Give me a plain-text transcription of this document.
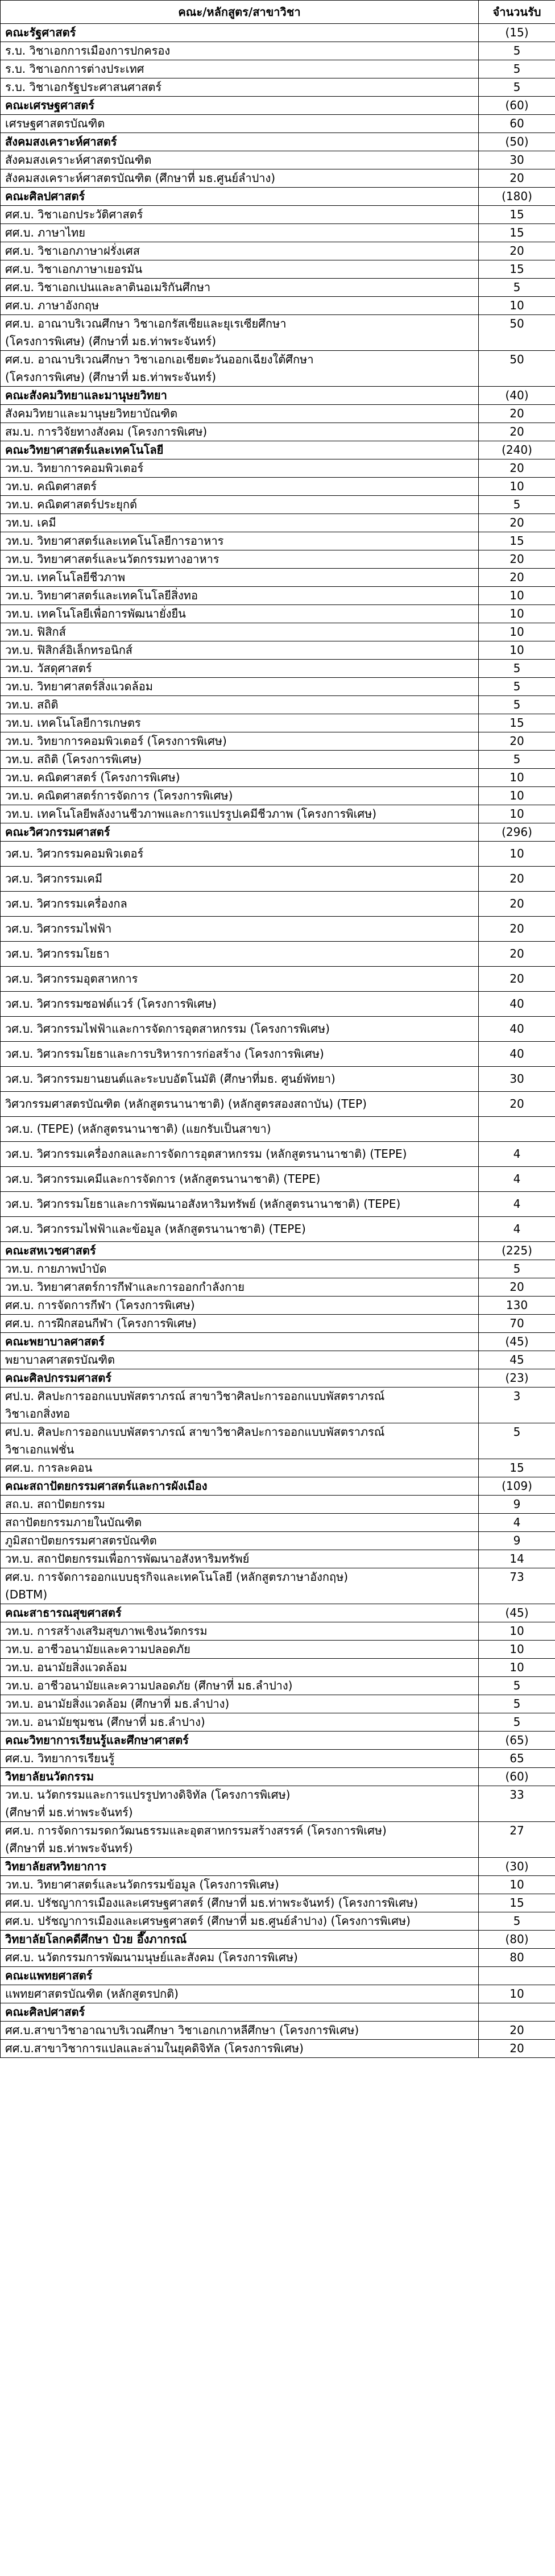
คณะ/หลักสูตร/สาขาวิชา	จำนวนรับ
คณะรัฐศาสตร์	(15)
ร.บ. วิชาเอกการเมืองการปกครอง	5
ร.บ. วิชาเอกการต่างประเทศ	5
ร.บ. วิชาเอกรัฐประศาสนศาสตร์	5
คณะเศรษฐศาสตร์	(60)
เศรษฐศาสตรบัณฑิต	60
สังคมสงเคราะห์ศาสตร์	(50)
สังคมสงเคราะห์ศาสตรบัณฑิต	30
สังคมสงเคราะห์ศาสตรบัณฑิต (ศึกษาที่ มธ.ศูนย์ลำปาง)	20
คณะศิลปศาสตร์	(180)
ศศ.บ. วิชาเอกประวัติศาสตร์	15
ศศ.บ. ภาษาไทย	15
ศศ.บ. วิชาเอกภาษาฝรั่งเศส	20
ศศ.บ. วิชาเอกภาษาเยอรมัน	15
ศศ.บ. วิชาเอกเปนและลาตินอเมริกันศึกษา	5
ศศ.บ. ภาษาอังกฤษ	10
ศศ.บ. อาณาบริเวณศึกษา วิชาเอกรัสเซียและยุเรเซียศึกษา
(โครงการพิเศษ) (ศึกษาที่ มธ.ท่าพระจันทร์)	50
ศศ.บ. อาณาบริเวณศึกษา วิชาเอกเอเชียตะวันออกเฉียงใต้ศึกษา
(โครงการพิเศษ) (ศึกษาที่ มธ.ท่าพระจันทร์)	50
คณะสังคมวิทยาและมานุษยวิทยา	(40)
สังคมวิทยาและมานุษยวิทยาบัณฑิต	20
สม.บ. การวิจัยทางสังคม (โครงการพิเศษ)	20
คณะวิทยาศาสตร์และเทคโนโลยี	(240)
วท.บ. วิทยาการคอมพิวเตอร์	20
วท.บ. คณิตศาสตร์	10
วท.บ. คณิตศาสตร์ประยุกต์	5
วท.บ. เคมี	20
วท.บ. วิทยาศาสตร์และเทคโนโลยีการอาหาร	15
วท.บ. วิทยาศาสตร์และนวัตกรรมทางอาหาร	20
วท.บ. เทคโนโลยีชีวภาพ	20
วท.บ. วิทยาศาสตร์และเทคโนโลยีสิ่งทอ	10
วท.บ. เทคโนโลยีเพื่อการพัฒนายั่งยืน	10
วท.บ. ฟิสิกส์	10
วท.บ. ฟิสิกส์อิเล็กทรอนิกส์	10
วท.บ. วัสดุศาสตร์	5
วท.บ. วิทยาศาสตร์สิ่งแวดล้อม	5
วท.บ. สถิติ	5
วท.บ. เทคโนโลยีการเกษตร	15
วท.บ. วิทยาการคอมพิวเตอร์ (โครงการพิเศษ)	20
วท.บ. สถิติ (โครงการพิเศษ)	5
วท.บ. คณิตศาสตร์ (โครงการพิเศษ)	10
วท.บ. คณิตศาสตร์การจัดการ (โครงการพิเศษ)	10
วท.บ. เทคโนโลยีพลังงานชีวภาพและการแปรรูปเคมีชีวภาพ (โครงการพิเศษ)	10
คณะวิศวกรรมศาสตร์	(296)
วศ.บ. วิศวกรรมคอมพิวเตอร์	10
วศ.บ. วิศวกรรมเคมี	20
วศ.บ. วิศวกรรมเครื่องกล	20
วศ.บ. วิศวกรรมไฟฟ้า	20
วศ.บ. วิศวกรรมโยธา	20
วศ.บ. วิศวกรรมอุตสาหการ	20
วศ.บ. วิศวกรรมซอฟต์แวร์ (โครงการพิเศษ)	40
วศ.บ. วิศวกรรมไฟฟ้าและการจัดการอุตสาหกรรม (โครงการพิเศษ)	40
วศ.บ. วิศวกรรมโยธาและการบริหารการก่อสร้าง (โครงการพิเศษ)	40
วศ.บ. วิศวกรรมยานยนต์และระบบอัตโนมัติ (ศึกษาที่มธ. ศูนย์พัทยา)	30
วิศวกรรมศาสตรบัณฑิต (หลักสูตรนานาชาติ) (หลักสูตรสองสถาบัน) (TEP)	20
วศ.บ. (TEPE) (หลักสูตรนานาชาติ) (แยกรับเป็นสาขา)	
วศ.บ. วิศวกรรมเครื่องกลและการจัดการอุตสาหกรรม (หลักสูตรนานาชาติ) (TEPE)	4
วศ.บ. วิศวกรรมเคมีและการจัดการ (หลักสูตรนานาชาติ) (TEPE)	4
วศ.บ. วิศวกรรมโยธาและการพัฒนาอสังหาริมทรัพย์ (หลักสูตรนานาชาติ) (TEPE)	4
วศ.บ. วิศวกรรมไฟฟ้าและข้อมูล (หลักสูตรนานาชาติ) (TEPE)	4
คณะสหเวชศาสตร์	(225)
วท.บ. กายภาพบำบัด	5
วท.บ. วิทยาศาสตร์การกีฬาและการออกกำลังกาย	20
ศศ.บ. การจัดการกีฬา (โครงการพิเศษ)	130
ศศ.บ. การฝึกสอนกีฬา (โครงการพิเศษ)	70
คณะพยาบาลศาสตร์	(45)
พยาบาลศาสตรบัณฑิต	45
คณะศิลปกรรมศาสตร์	(23)
ศป.บ. ศิลปะการออกแบบพัสตราภรณ์ สาขาวิชาศิลปะการออกแบบพัสตราภรณ์
วิชาเอกสิ่งทอ	3
ศป.บ. ศิลปะการออกแบบพัสตราภรณ์ สาขาวิชาศิลปะการออกแบบพัสตราภรณ์
วิชาเอกแฟชั่น	5
ศศ.บ. การละคอน	15
คณะสถาปัตยกรรมศาสตร์และการผังเมือง	(109)
สถ.บ. สถาปัตยกรรม	9
สถาปัตยกรรมภายในบัณฑิต	4
ภูมิสถาปัตยกรรมศาสตรบัณฑิต	9
วท.บ. สถาปัตยกรรมเพื่อการพัฒนาอสังหาริมทรัพย์	14
ศศ.บ. การจัดการออกแบบธุรกิจและเทคโนโลยี (หลักสูตรภาษาอังกฤษ)
(DBTM)	73
คณะสาธารณสุขศาสตร์	(45)
วท.บ. การสร้างเสริมสุขภาพเชิงนวัตกรรม	10
วท.บ. อาชีวอนามัยและความปลอดภัย	10
วท.บ. อนามัยสิ่งแวดล้อม	10
วท.บ. อาชีวอนามัยและความปลอดภัย (ศึกษาที่ มธ.ลำปาง)	5
วท.บ. อนามัยสิ่งแวดล้อม (ศึกษาที่ มธ.ลำปาง)	5
วท.บ. อนามัยชุมชน (ศึกษาที่ มธ.ลำปาง)	5
คณะวิทยาการเรียนรู้และศึกษาศาสตร์	(65)
ศศ.บ. วิทยาการเรียนรู้	65
วิทยาลัยนวัตกรรม	(60)
วท.บ. นวัตกรรมและการแปรรูปทางดิจิทัล (โครงการพิเศษ)
(ศึกษาที่ มธ.ท่าพระจันทร์)	33
ศศ.บ. การจัดการมรดกวัฒนธรรมและอุตสาหกรรมสร้างสรรค์ (โครงการพิเศษ)
(ศึกษาที่ มธ.ท่าพระจันทร์)	27
วิทยาลัยสหวิทยาการ	(30)
วท.บ. วิทยาศาสตร์และนวัตกรรมข้อมูล (โครงการพิเศษ)	10
ศศ.บ. ปรัชญาการเมืองและเศรษฐศาสตร์ (ศึกษาที่ มธ.ท่าพระจันทร์) (โครงการพิเศษ)	15
ศศ.บ. ปรัชญาการเมืองและเศรษฐศาสตร์ (ศึกษาที่ มธ.ศูนย์ลำปาง) (โครงการพิเศษ)	5
วิทยาลัยโลกคดีศึกษา ป๋วย อึ๊งภากรณ์	(80)
ศศ.บ. นวัตกรรมการพัฒนามนุษย์และสังคม (โครงการพิเศษ)	80
คณะแพทยศาสตร์	
แพทยศาสตรบัณฑิต (หลักสูตรปกติ)	10
คณะศิลปศาสตร์	
ศศ.บ.สาขาวิชาอาณาบริเวณศึกษา วิชาเอกเกาหลีศึกษา (โครงการพิเศษ)	20
ศศ.บ.สาขาวิชาการแปลและล่ามในยุคดิจิทัล (โครงการพิเศษ)	20
